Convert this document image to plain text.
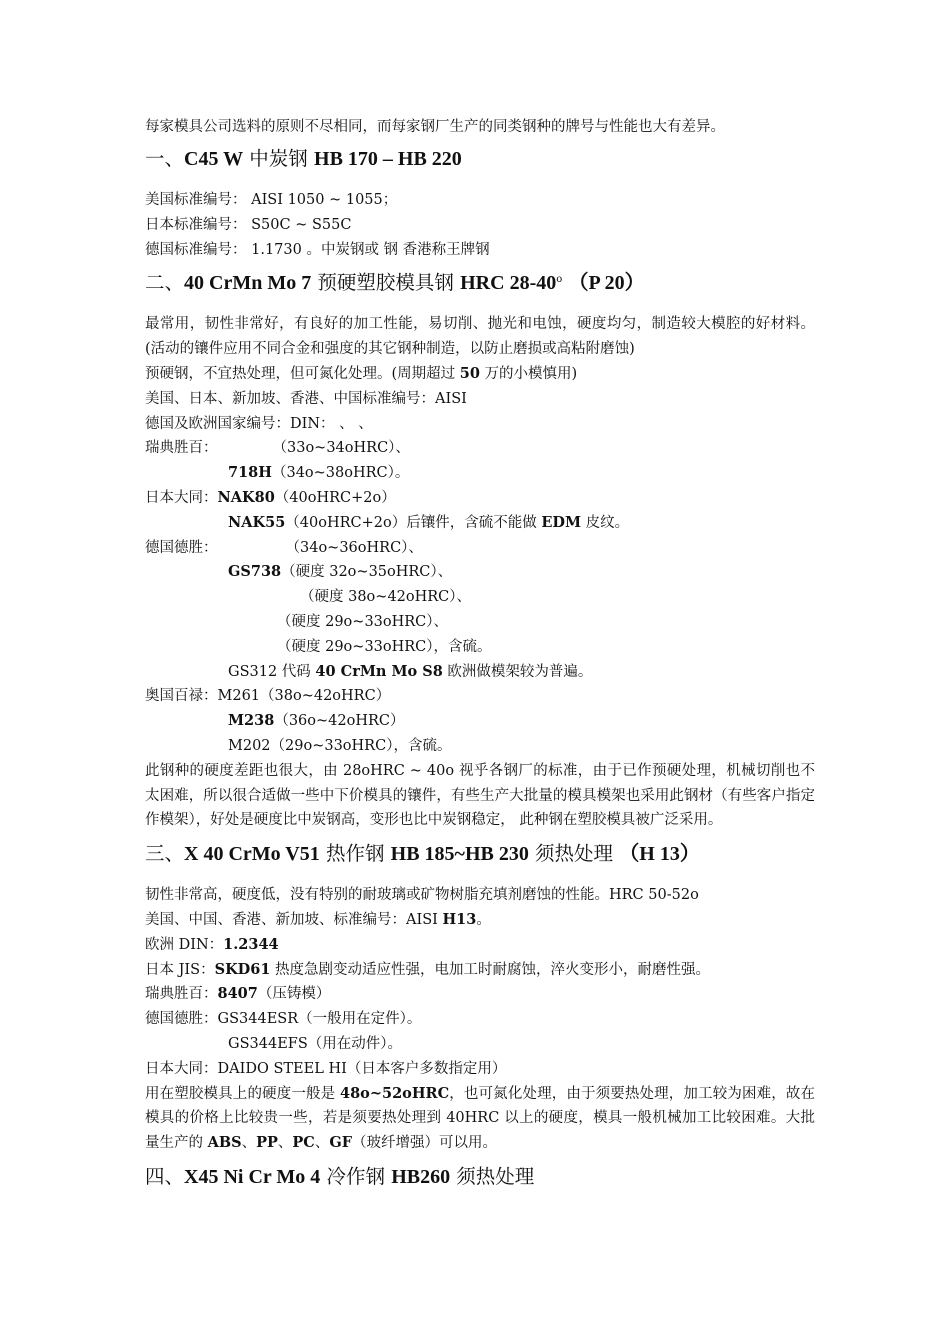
每家模具公司选料的原则不尽相同，而每家钢厂生产的同类钢种的牌号与性能也大有差异。

一、C45 W 中炭钢 HB 170 – HB 220

美国标准编号： AISI 1050 ~ 1055；

日本标准编号： S50C ~ S55C

德国标准编号： 1.1730 。中炭钢或 钢 香港称王牌钢

二、40 CrMn Mo 7 预硬塑胶模具钢 HRC 28-40$^o$ （P 20）

最常用，韧性非常好，有良好的加工性能，易切削、抛光和电蚀，硬度均匀，制造较大模腔的好材料。(活动的镶件应用不同合金和强度的其它钢种制造，以防止磨损或高粘附磨蚀)

预硬钢，不宜热处理，但可氮化处理。(周期超过 50 万的小模慎用)

美国、日本、新加坡、香港、中国标准编号：AISI

德国及欧洲国家编号：DIN： 、 、

瑞典胜百：	（33o~34oHRC）、

718H（34o~38oHRC）。

日本大同：NAK80（40oHRC+2o）

NAK55（40oHRC+2o）后镶件，含硫不能做 EDM 皮纹。

德国德胜：	（34o~36oHRC）、

GS738（硬度 32o~35oHRC）、

（硬度 38o~42oHRC）、

（硬度 29o~33oHRC）、

（硬度 29o~33oHRC），含硫。

GS312 代码 40 CrMn Mo S8 欧洲做模架较为普遍。

奥国百禄：M261（38o~42oHRC）

M238（36o~42oHRC）

M202（29o~33oHRC），含硫。

此钢种的硬度差距也很大，由 28oHRC ~ 40o 视乎各钢厂的标准，由于已作预硬处理，机械切削也不太困难，所以很合适做一些中下价模具的镶件，有些生产大批量的模具模架也采用此钢材（有些客户指定作模架），好处是硬度比中炭钢高，变形也比中炭钢稳定， 此种钢在塑胶模具被广泛采用。

三、X 40 CrMo V51 热作钢 HB 185~HB 230 须热处理 （H 13）

韧性非常高，硬度低，没有特别的耐玻璃或矿物树脂充填剂磨蚀的性能。HRC 50-52o

美国、中国、香港、新加坡、标准编号：AISI H13。

欧洲 DIN：1.2344

日本 JIS：SKD61 热度急剧变动适应性强，电加工时耐腐蚀，淬火变形小，耐磨性强。

瑞典胜百：8407（压铸模）

德国德胜：GS344ESR（一般用在定件）。

GS344EFS（用在动件）。

日本大同：DAIDO STEEL HI（日本客户多数指定用）

用在塑胶模具上的硬度一般是 48o~52oHRC，也可氮化处理，由于须要热处理，加工较为困难，故在模具的价格上比较贵一些，若是须要热处理到 40HRC 以上的硬度，模具一般机械加工比较困难。大批量生产的 ABS、PP、PC、GF（玻纤增强）可以用。

四、X45 Ni Cr Mo 4 冷作钢 HB260 须热处理
